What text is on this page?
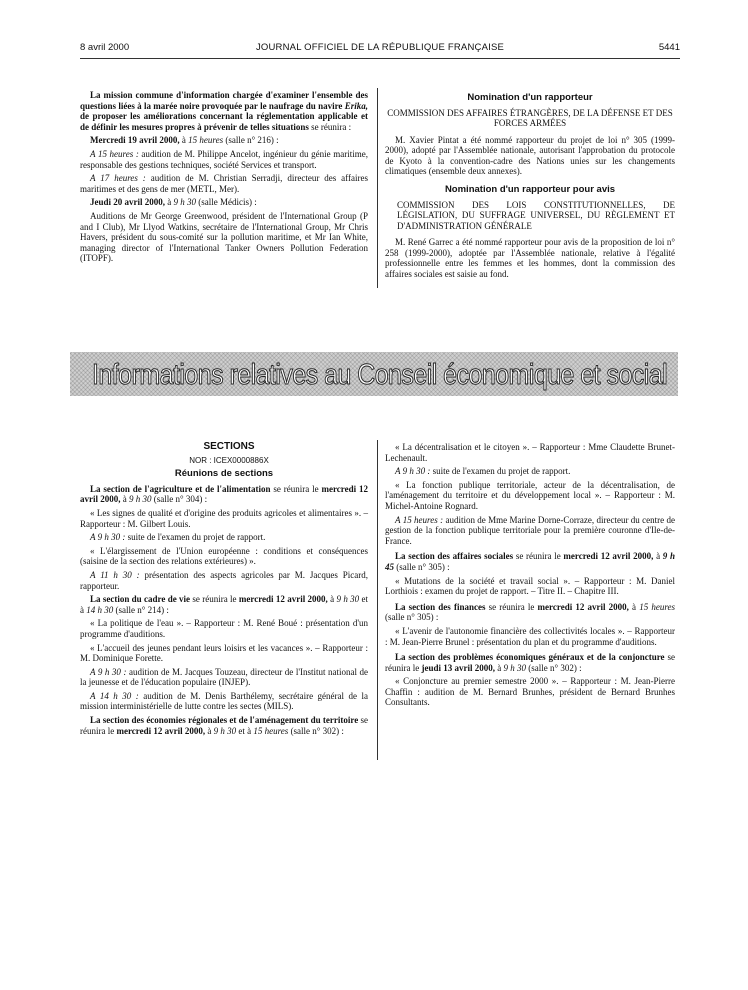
8 avril 2000	JOURNAL OFFICIEL DE LA RÉPUBLIQUE FRANÇAISE	5441

La mission commune d'information chargée d'examiner l'ensemble des questions liées à la marée noire provoquée par le naufrage du navire Erika, de proposer les améliorations concernant la réglementation applicable et de définir les mesures propres à prévenir de telles situations se réunira :

Mercredi 19 avril 2000, à 15 heures (salle n° 216) :

A 15 heures : audition de M. Philippe Ancelot, ingénieur du génie maritime, responsable des gestions techniques, société Services et transport.

A 17 heures : audition de M. Christian Serradji, directeur des affaires maritimes et des gens de mer (METL, Mer).

Jeudi 20 avril 2000, à 9 h 30 (salle Médicis) :

Auditions de Mr George Greenwood, président de l'International Group (P and I Club), Mr Llyod Watkins, secrétaire de l'International Group, Mr Chris Havers, président du sous-comité sur la pollution maritime, et Mr Ian White, managing director of l'International Tanker Owners Pollution Federation (ITOPF).

Nomination d'un rapporteur

COMMISSION DES AFFAIRES ÉTRANGÈRES, DE LA DÉFENSE ET DES FORCES ARMÉES

M. Xavier Pintat a été nommé rapporteur du projet de loi n° 305 (1999-2000), adopté par l'Assemblée nationale, autorisant l'approbation du protocole de Kyoto à la convention-cadre des Nations unies sur les changements climatiques (ensemble deux annexes).

Nomination d'un rapporteur pour avis

COMMISSION DES LOIS CONSTITUTIONNELLES, DE LÉGISLATION, DU SUFFRAGE UNIVERSEL, DU RÈGLEMENT ET D'ADMINISTRATION GÉNÉRALE

M. René Garrec a été nommé rapporteur pour avis de la proposition de loi n° 258 (1999-2000), adoptée par l'Assemblée nationale, relative à l'égalité professionnelle entre les femmes et les hommes, dont la commission des affaires sociales est saisie au fond.

Informations relatives au Conseil économique et social

SECTIONS

NOR : ICEX0000886X

Réunions de sections

La section de l'agriculture et de l'alimentation se réunira le mercredi 12 avril 2000, à 9 h 30 (salle n° 304) :

« Les signes de qualité et d'origine des produits agricoles et alimentaires ». – Rapporteur : M. Gilbert Louis.

A 9 h 30 : suite de l'examen du projet de rapport.

« L'élargissement de l'Union européenne : conditions et conséquences (saisine de la section des relations extérieures) ».

A 11 h 30 : présentation des aspects agricoles par M. Jacques Picard, rapporteur.

La section du cadre de vie se réunira le mercredi 12 avril 2000, à 9 h 30 et à 14 h 30 (salle n° 214) :

« La politique de l'eau ». – Rapporteur : M. René Boué : présentation d'un programme d'auditions.

« L'accueil des jeunes pendant leurs loisirs et les vacances ». – Rapporteur : M. Dominique Forette.

A 9 h 30 : audition de M. Jacques Touzeau, directeur de l'Institut national de la jeunesse et de l'éducation populaire (INJEP).

A 14 h 30 : audition de M. Denis Barthélemy, secrétaire général de la mission interministérielle de lutte contre les sectes (MILS).

La section des économies régionales et de l'aménagement du territoire se réunira le mercredi 12 avril 2000, à 9 h 30 et à 15 heures (salle n° 302) :

« La décentralisation et le citoyen ». – Rapporteur : Mme Claudette Brunet-Lechenault.

A 9 h 30 : suite de l'examen du projet de rapport.

« La fonction publique territoriale, acteur de la décentralisation, de l'aménagement du territoire et du développement local ». – Rapporteur : M. Michel-Antoine Rognard.

A 15 heures : audition de Mme Marine Dorne-Corraze, directeur du centre de gestion de la fonction publique territoriale pour la première couronne d'Ile-de-France.

La section des affaires sociales se réunira le mercredi 12 avril 2000, à 9 h 45 (salle n° 305) :

« Mutations de la société et travail social ». – Rapporteur : M. Daniel Lorthiois : examen du projet de rapport. – Titre II. – Chapitre III.

La section des finances se réunira le mercredi 12 avril 2000, à 15 heures (salle n° 305) :

« L'avenir de l'autonomie financière des collectivités locales ». – Rapporteur : M. Jean-Pierre Brunel : présentation du plan et du programme d'auditions.

La section des problèmes économiques généraux et de la conjoncture se réunira le jeudi 13 avril 2000, à 9 h 30 (salle n° 302) :

« Conjoncture au premier semestre 2000 ». – Rapporteur : M. Jean-Pierre Chaffin : audition de M. Bernard Brunhes, président de Bernard Brunhes Consultants.
